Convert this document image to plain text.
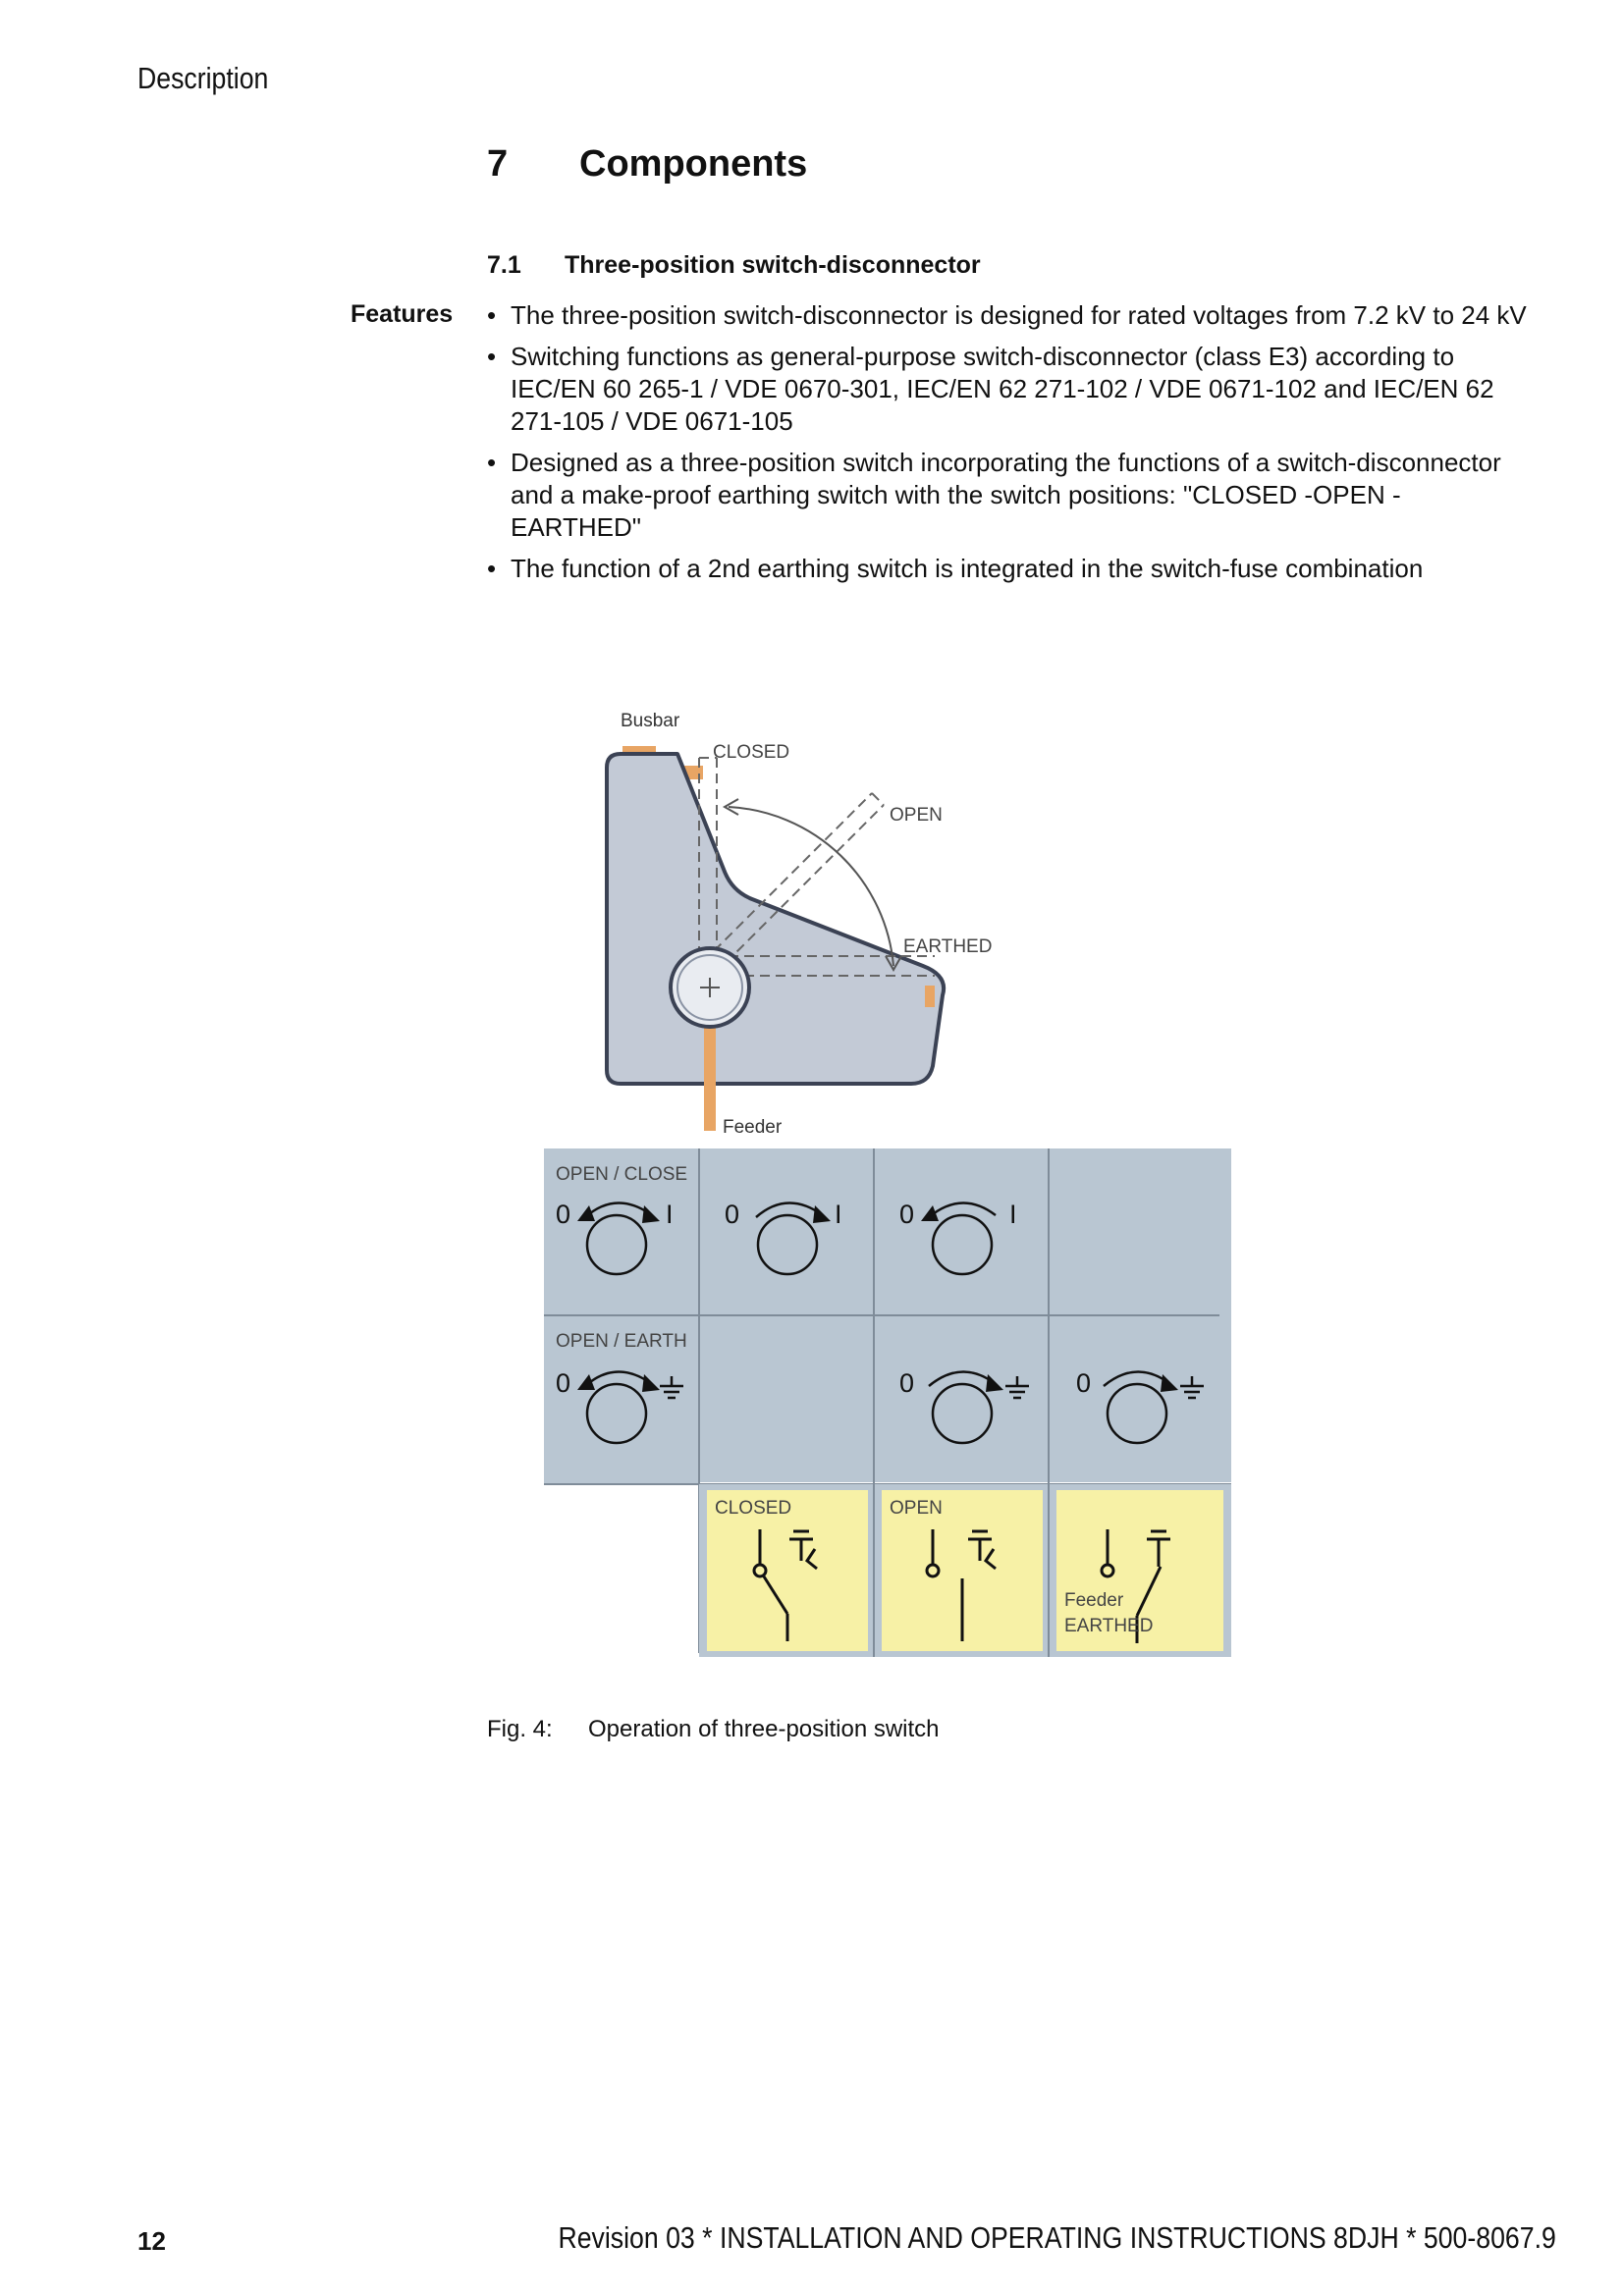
Description
7 Components
7.1 Three-position switch-disconnector
Features
•	The three-position switch-disconnector is designed for rated voltages from 7.2 kV to 24 kV
• Switching functions as general-purpose switch-disconnector (class E3) according to IEC/EN 60 265-1 / VDE 0670-301, IEC/EN 62 271-102 / VDE 0671-102 and IEC/EN 62 271-105 / VDE 0671-105
• Designed as a three-position switch incorporating the functions of a switch-disconnector and a make-proof earthing switch with the switch positions: "CLOSED -OPEN - EARTHED"
• The function of a 2nd earthing switch is integrated in the switch-fuse combination
Busbar
CLOSED
OPEN
EARTHED
Feeder
OPEN / CLOSE
OPEN / EARTH
0	I 0	I 0	I
0	0	0
CLOSED	OPEN
Feeder
EARTHED
Fig. 4: Operation of three-position switch
12	Revision 03 * INSTALLATION AND OPERATING INSTRUCTIONS 8DJH * 500-8067.9
